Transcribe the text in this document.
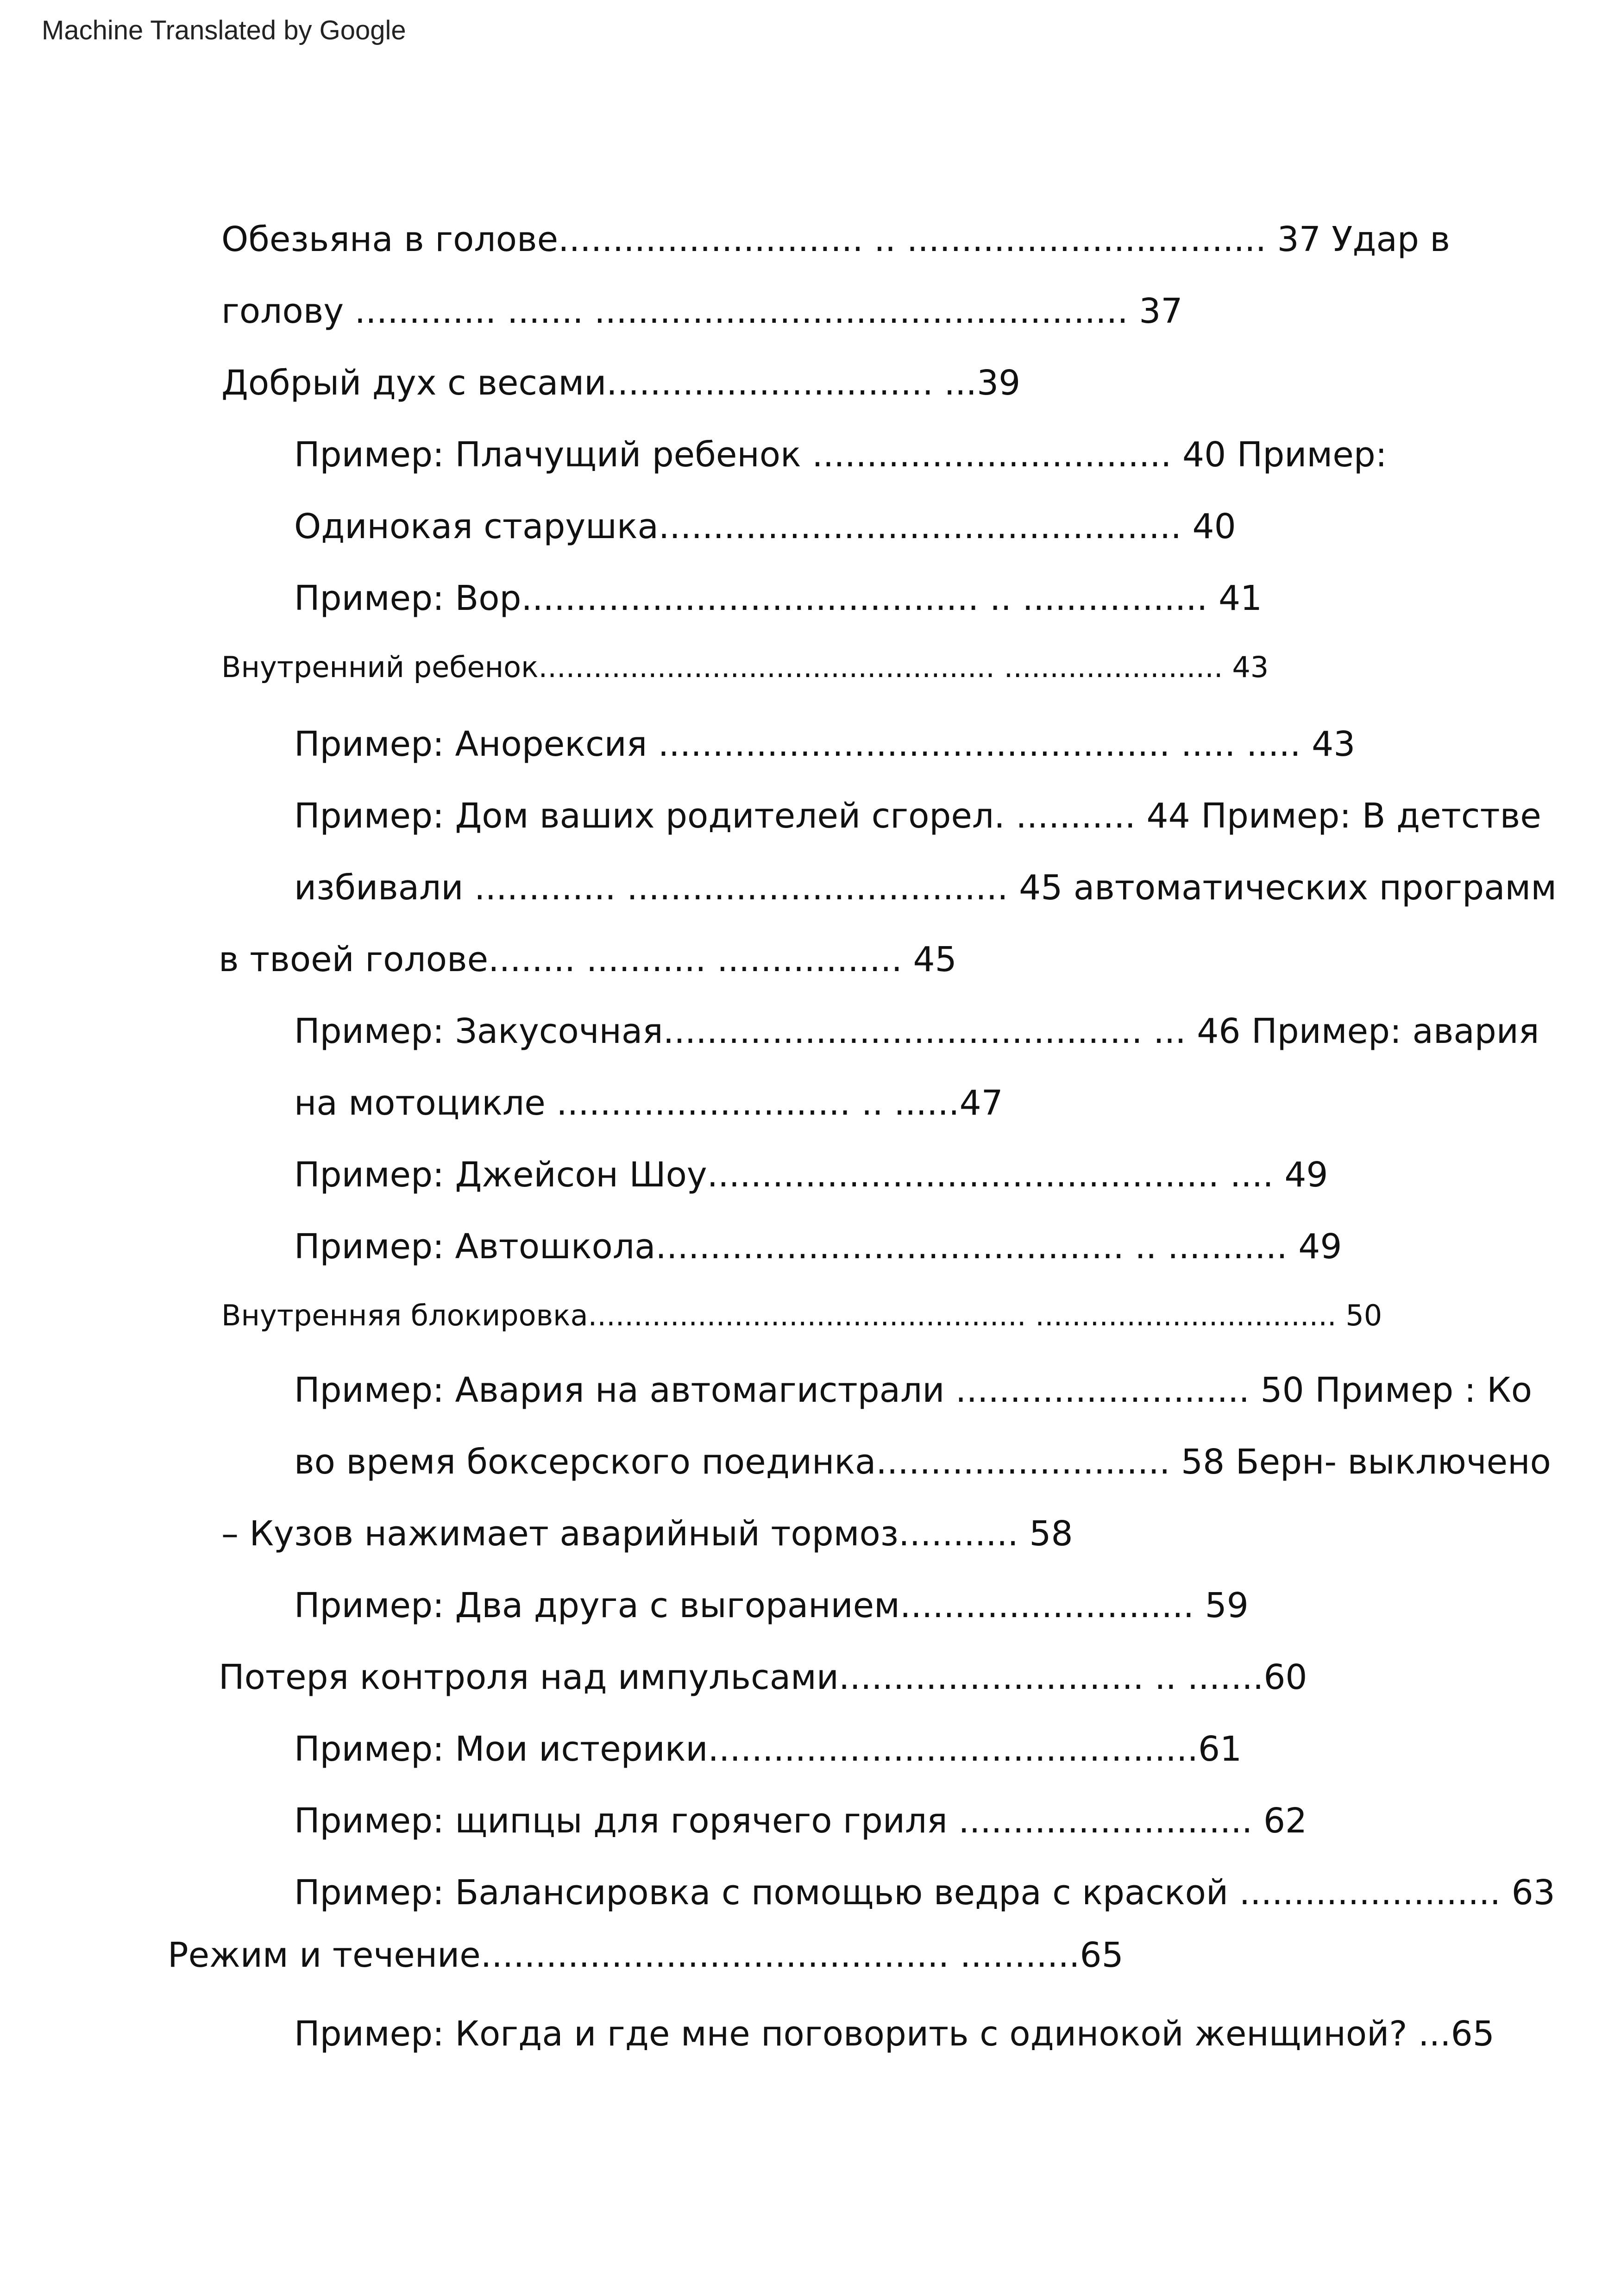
Machine Translated by Google
Обезьяна в голове............................ .. ................................. 37 Удар в
голову ............. ....... ................................................. 37
Добрый дух с весами.............................. ...39
Пример: Плачущий ребенок ................................. 40 Пример:
Одинокая старушка................................................ 40
Пример: Вор.......................................... .. ................. 41
Внутренний ребенок.................................................. ........................ 43
Пример: Анорексия ............................................... ..... ..... 43
Пример: Дом ваших родителей сгорел. ........... 44 Пример: В детстве
избивали ............. ................................... 45 автоматических программ
в твоей голове........ ........... ................. 45
Пример: Закусочная............................................ ... 46 Пример: авария
на мотоцикле ........................... .. ......47
Пример: Джейсон Шоу............................................... .... 49
Пример: Автошкола........................................... .. ........... 49
Внутренняя блокировка................................................ ................................. 50
Пример: Авария на автомагистрали ........................... 50 Пример : Ко
во время боксерского поединка........................... 58 Берн- выключено
– Кузов нажимает аварийный тормоз........... 58
Пример: Два друга с выгоранием........................... 59
Потеря контроля над импульсами............................ .. .......60
Пример: Мои истерики.............................................61
Пример: щипцы для горячего гриля ........................... 62
Пример: Балансировка с помощью ведра с краской ........................ 63
Режим и течение........................................... ...........65
Пример: Когда и где мне поговорить с одинокой женщиной? ...65
